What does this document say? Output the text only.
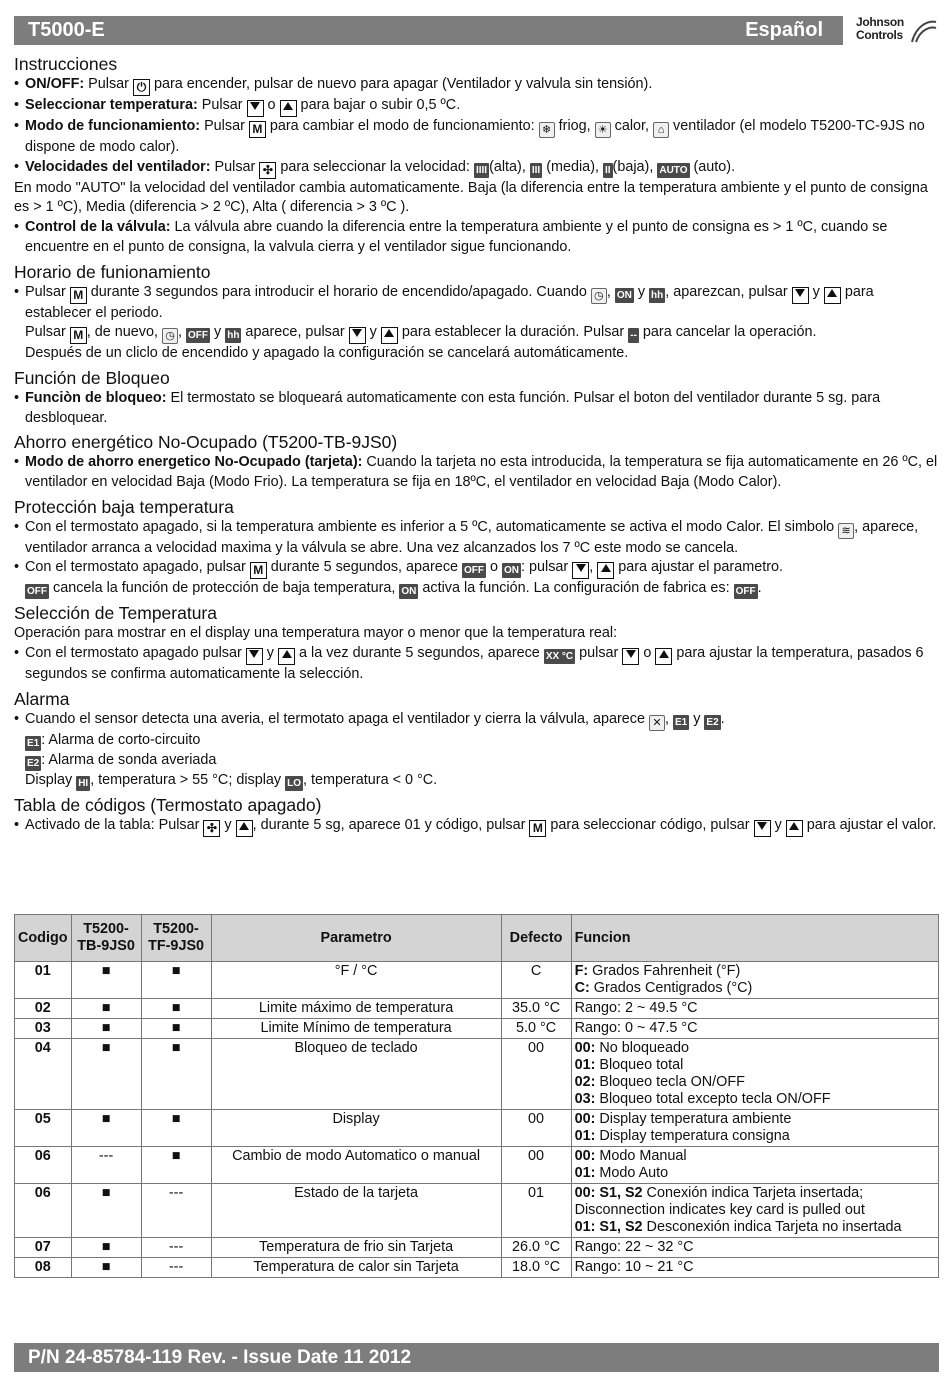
T5000-E	Español	Johnson
Controls
Instrucciones

• ON/OFF: Pulsar ⏻ para encender, pulsar de nuevo para apagar (Ventilador y valvula sin tensión).

• Seleccionar temperatura: Pulsar  o  para bajar o subir 0,5 ºC.

• Modo de funcionamiento: Pulsar M para cambiar el modo de funcionamiento: ❄ friog, ☀ calor, ⌂ ventilador (el modelo T5200-TC-9JS no dispone de modo calor).

• Velocidades del ventilador: Pulsar ✣ para seleccionar la velocidad: IIII (alta), III (media), II (baja), AUTO (auto).

En modo "AUTO" la velocidad del ventilador cambia automaticamente. Baja (la diferencia entre la temperatura ambiente y el punto de consigna es > 1 ºC), Media (diferencia > 2 ºC), Alta ( diferencia > 3 ºC ).

• Control de la válvula: La válvula abre cuando la diferencia entre la temperatura ambiente y el punto de consigna es > 1 ºC, cuando se encuentre en el punto de consigna, la valvula cierra y el ventilador sigue funcionando.

Horario de funionamiento

• Pulsar M durante 3 segundos para introducir el horario de encendido/apagado. Cuando ◷ , ON y hh , aparezcan, pulsar  y  para establecer el periodo.

Pulsar M , de nuevo, ◷ , OFF y hh aparece, pulsar  y  para establecer la duración. Pulsar -- para cancelar la operación.

Después de un cliclo de encendido y apagado la configuración se cancelará automáticamente.

Función de Bloqueo

• Funciòn de bloqueo: El termostato se bloqueará automaticamente con esta función. Pulsar el boton del ventilador durante 5 sg. para desbloquear.

Ahorro energético No-Ocupado (T5200-TB-9JS0)

• Modo de ahorro energetico No-Ocupado (tarjeta): Cuando la tarjeta no esta introducida, la temperatura se fija automaticamente en 26 ºC, el ventilador en velocidad Baja (Modo Frio). La temperatura se fija en 18ºC, el ventilador en velocidad Baja (Modo Calor).

Protección baja temperatura

• Con el termostato apagado, si la temperatura ambiente es inferior a 5 ºC, automaticamente se activa el modo Calor. El simbolo ≋ , aparece, ventilador arranca a velocidad maxima y la válvula se abre. Una vez alcanzados los 7 ºC este modo se cancela.

• Con el termostato apagado, pulsar M durante 5 segundos, aparece OFF o ON : pulsar ,  para ajustar el parametro.
OFF cancela la función de protección de baja temperatura, ON activa la función. La configuración de fabrica es: OFF .

Selección de Temperatura

Operación para mostrar en el display una temperatura mayor o menor que la temperatura real:

• Con el termostato apagado pulsar  y  a la vez durante 5 segundos, aparece XX °C pulsar  o  para ajustar la temperatura, pasados 6 segundos se confirma automaticamente la selección.

Alarma

• Cuando el sensor detecta una averia, el termotato apaga el ventilador y cierra la válvula, aparece ✕ , E1 y E2 .

E1 : Alarma de corto-circuito

E2 : Alarma de sonda averiada

Display HI , temperatura > 55 °C; display LO , temperatura < 0 °C.

Tabla de códigos (Termostato apagado)

• Activado de la tabla: Pulsar ✣ y , durante 5 sg, aparece 01 y código, pulsar M para seleccionar código, pulsar  y  para ajustar el valor.

Codigo	T5200-TB-9JS0	T5200-TF-9JS0	Parametro	Defecto	Funcion
01	■	■	°F / °C	C	F: Grados Fahrenheit (°F)
C: Grados Centigrados (°C)

02	■	■	Limite máximo de temperatura	35.0 °C	Rango: 2 ~ 49.5 °C

03	■	■	Limite Mínimo de temperatura	5.0 °C	Rango: 0 ~ 47.5 °C

04	■	■	Bloqueo de teclado	00	00: No bloqueado
01: Bloqueo total
02: Bloqueo tecla ON/OFF
03: Bloqueo total excepto tecla ON/OFF

05	■	■	Display	00	00: Display temperatura ambiente
01: Display temperatura consigna

06	---	■	Cambio de modo Automatico o manual	00	00: Modo Manual
01: Modo Auto

06	■	---	Estado de la tarjeta	01	00: S1, S2 Conexión indica Tarjeta insertada;
Disconnection indicates key card is pulled out
01: S1, S2 Desconexión indica Tarjeta no insertada

07	■	---	Temperatura de frio sin Tarjeta	26.0 °C	Rango: 22 ~ 32 °C

08	■	---	Temperatura de calor sin Tarjeta	18.0 °C	Rango: 10 ~ 21 °C
P/N 24-85784-119 Rev. - Issue Date 11 2012
